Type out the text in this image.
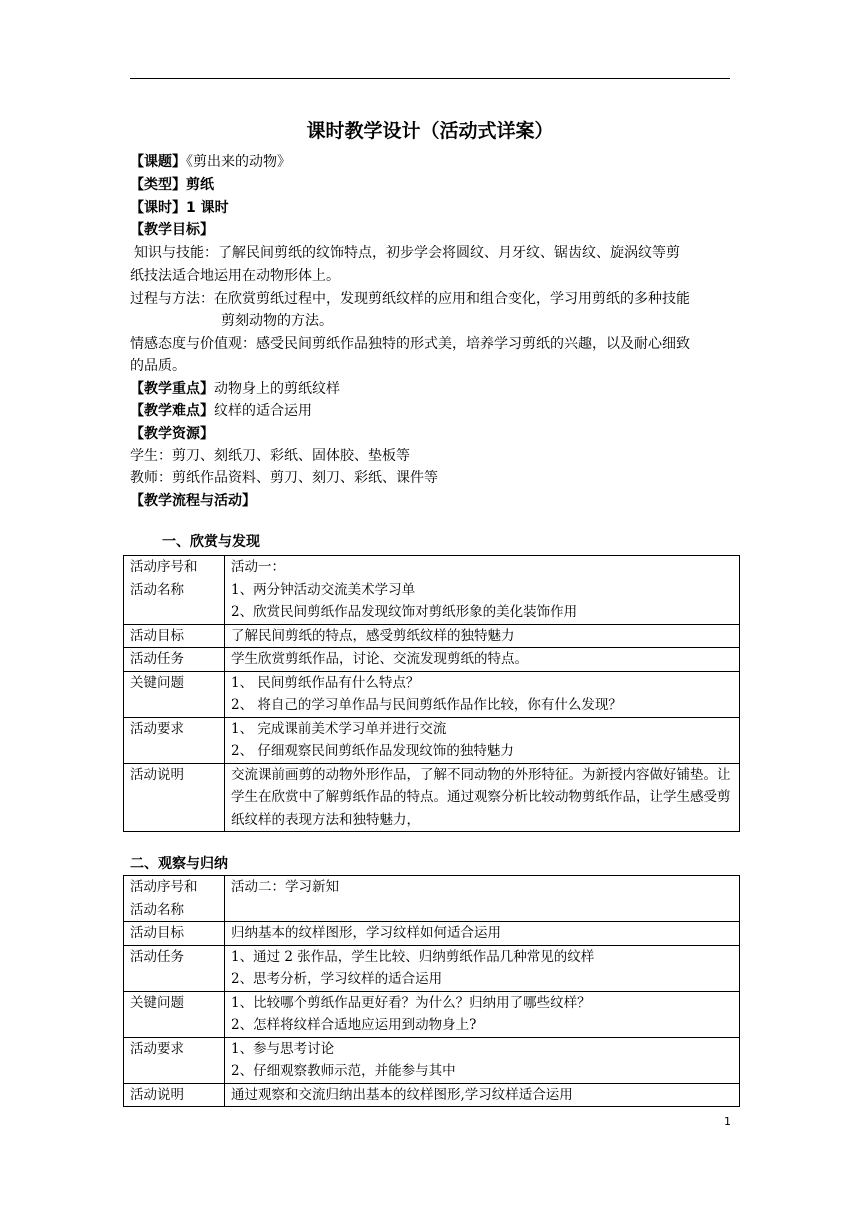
课时教学设计（活动式详案）
【课题】《剪出来的动物》
【类型】剪纸
【课时】1 课时
【教学目标】
知识与技能：了解民间剪纸的纹饰特点，初步学会将圆纹、月牙纹、锯齿纹、旋涡纹等剪
纸技法适合地运用在动物形体上。
过程与方法：在欣赏剪纸过程中，发现剪纸纹样的应用和组合变化，学习用剪纸的多种技能
剪刻动物的方法。
情感态度与价值观：感受民间剪纸作品独特的形式美，培养学习剪纸的兴趣，以及耐心细致
的品质。
【教学重点】动物身上的剪纸纹样
【教学难点】纹样的适合运用
【教学资源】
学生：剪刀、刻纸刀、彩纸、固体胶、垫板等
教师：剪纸作品资料、剪刀、刻刀、彩纸、课件等
【教学流程与活动】
一、欣赏与发现
活动序号和
活动名称	活动一：
1、两分钟活动交流美术学习单
2、欣赏民间剪纸作品发现纹饰对剪纸形象的美化装饰作用

活动目标	了解民间剪纸的特点，感受剪纸纹样的独特魅力

活动任务	学生欣赏剪纸作品，讨论、交流发现剪纸的特点。

关键问题	1、 民间剪纸作品有什么特点？
2、 将自己的学习单作品与民间剪纸作品作比较，你有什么发现？

活动要求	1、 完成课前美术学习单并进行交流
2、 仔细观察民间剪纸作品发现纹饰的独特魅力

活动说明	交流课前画剪的动物外形作品，了解不同动物的外形特征。为新授内容做好铺垫。让学生在欣赏中了解剪纸作品的特点。通过观察分析比较动物剪纸作品，让学生感受剪纸纹样的表现方法和独特魅力，
二、观察与归纳
活动序号和
活动名称	活动二：学习新知

活动目标	归纳基本的纹样图形，学习纹样如何适合运用

活动任务	1、通过 2 张作品，学生比较、归纳剪纸作品几种常见的纹样
2、思考分析，学习纹样的适合运用

关键问题	1、比较哪个剪纸作品更好看？为什么？归纳用了哪些纹样？
2、怎样将纹样合适地应运用到动物身上?

活动要求	1、参与思考讨论
2、仔细观察教师示范，并能参与其中

活动说明	通过观察和交流归纳出基本的纹样图形,学习纹样适合运用
1
